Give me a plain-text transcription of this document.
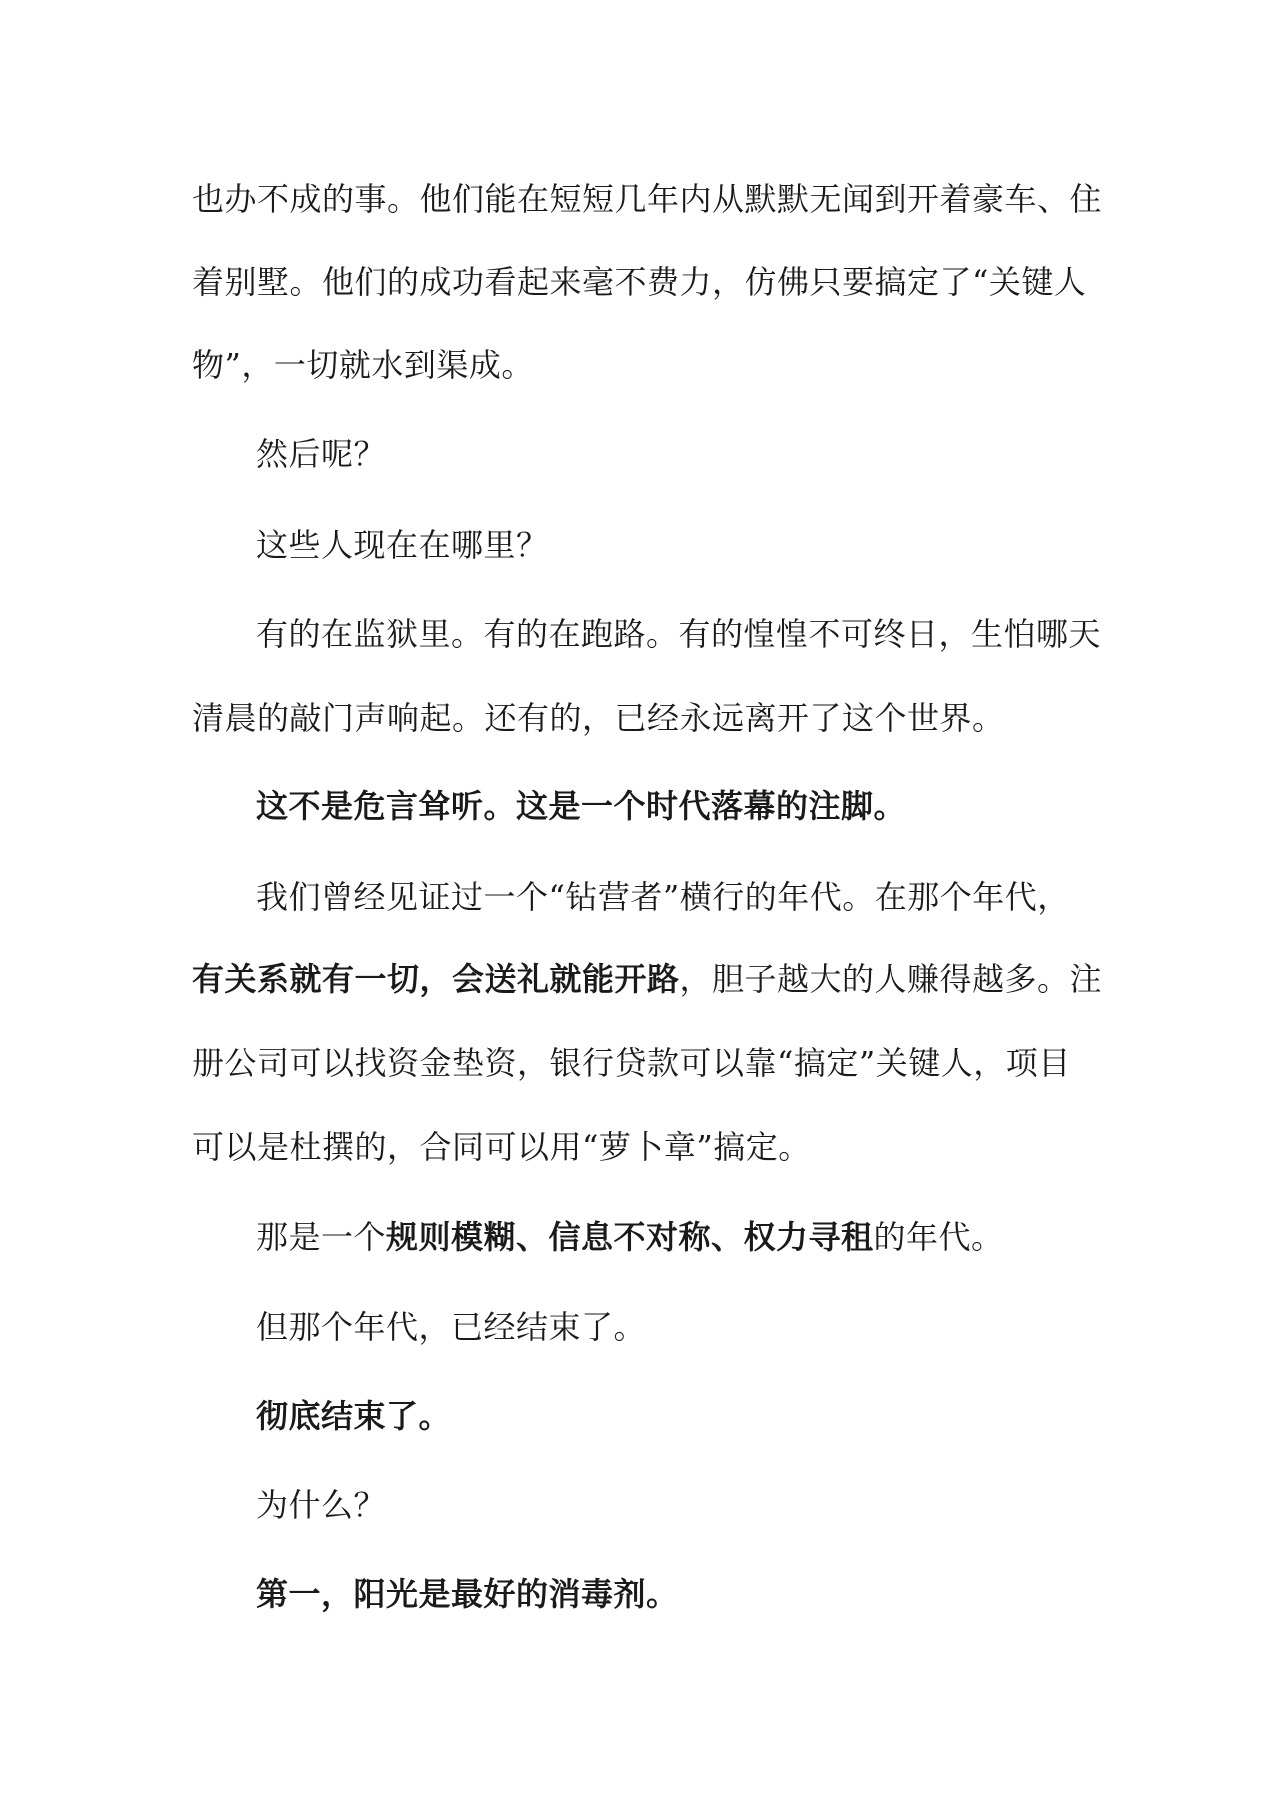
也办不成的事。他们能在短短几年内从默默无闻到开着豪车、住
着别墅。他们的成功看起来毫不费力，仿佛只要搞定了“关键人
物”，一切就水到渠成。
然后呢？
这些人现在在哪里？
有的在监狱里。有的在跑路。有的惶惶不可终日，生怕哪天
清晨的敲门声响起。还有的，已经永远离开了这个世界。
这不是危言耸听。这是一个时代落幕的注脚。
我们曾经见证过一个“钻营者”横行的年代。在那个年代，
有关系就有一切，会送礼就能开路，胆子越大的人赚得越多。注
册公司可以找资金垫资，银行贷款可以靠“搞定”关键人，项目
可以是杜撰的，合同可以用“萝卜章”搞定。
那是一个规则模糊、信息不对称、权力寻租的年代。
但那个年代，已经结束了。
彻底结束了。
为什么？
第一，阳光是最好的消毒剂。
